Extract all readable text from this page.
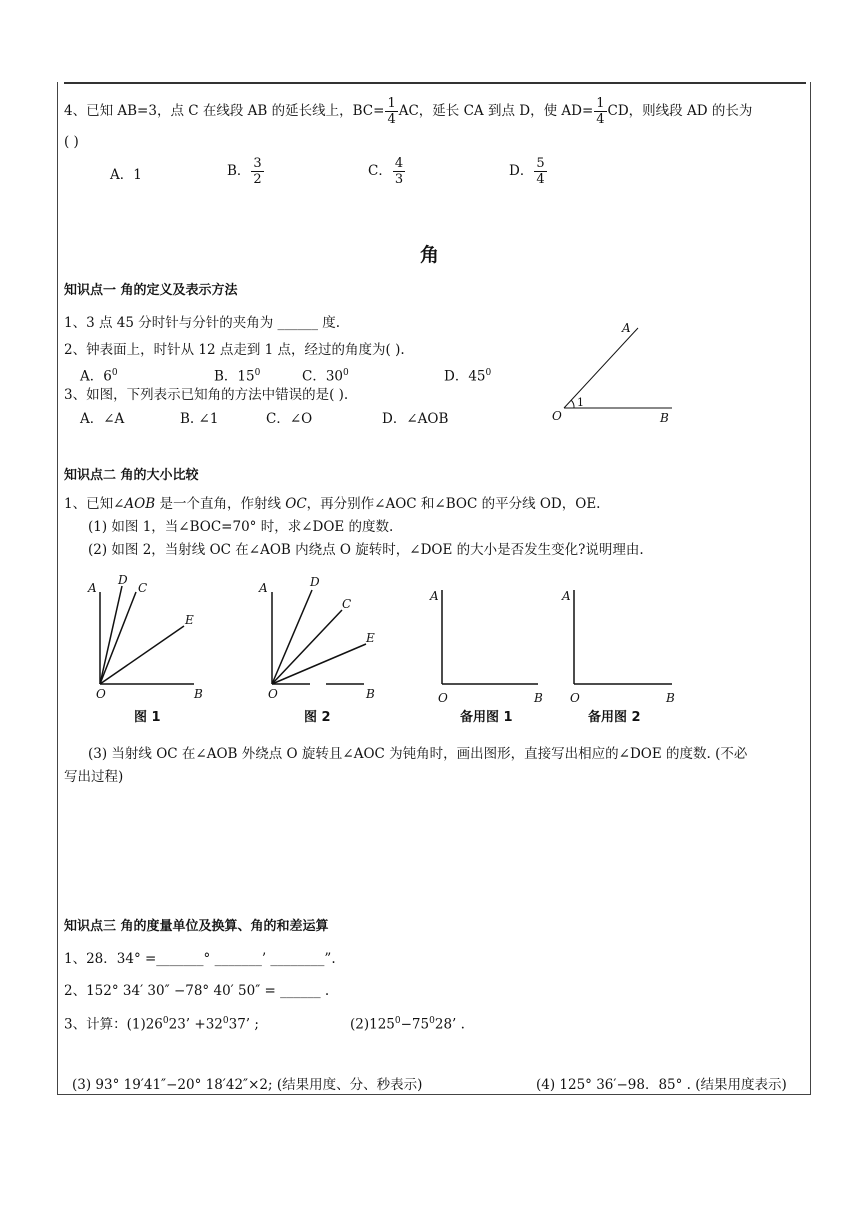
4、已知 AB=3，点 C 在线段 AB 的延长线上，$BC= \frac{1}{4}$ AC，延长 CA 到点 D，使 $AD= \frac{1}{4}$ CD，则线段 AD 的长为
( )
A．1	B． $\frac{3}{2}$	C． $\frac{4}{3}$	D． $\frac{5}{4}$
角
知识点一 角的定义及表示方法
1、3 点 45 分时针与分针的夹角为 ______ 度.
2、钟表面上，时针从 12 点走到 1 点，经过的角度为( ).
A．$6^0$	B．$15^0$	C．$30^0$	D．$45^0$
3、如图，下列表示已知角的方法中错误的是( ).
A．∠A	B. ∠1	C．∠O	D．∠AOB
A
O	B
1
知识点二 角的大小比较
1、已知∠AOB 是一个直角，作射线 OC，再分别作∠AOC 和∠BOC 的平分线 OD，OE.
(1) 如图 1，当∠BOC=70° 时，求∠DOE 的度数.
(2) 如图 2，当射线 OC 在∠AOB 内绕点 O 旋转时，∠DOE 的大小是否发生变化?说明理由.
A
D
C
E
O	B
图 1
A	D
C
E
O	B
图 2
A
O	B
备用图 1
A
O	B
备用图 2
(3) 当射线 OC 在∠AOB 外绕点 O 旋转且∠AOC 为钝角时，画出图形，直接写出相应的∠DOE 的度数. (不必
写出过程)
知识点三 角的度量单位及换算、角的和差运算
1、28．34° =_______° _______’ ________”.
2、152° 34′ 30″ −78° 40′ 50″ = ______ .
3、计算：$(1)26^023$’ $+32^037$’ ;	$(2)125^0-75^028$’ .
(3) 93° 19′41″−20° 18′42″×2; (结果用度、分、秒表示)	(4) 125° 36′−98．85° . (结果用度表示)
